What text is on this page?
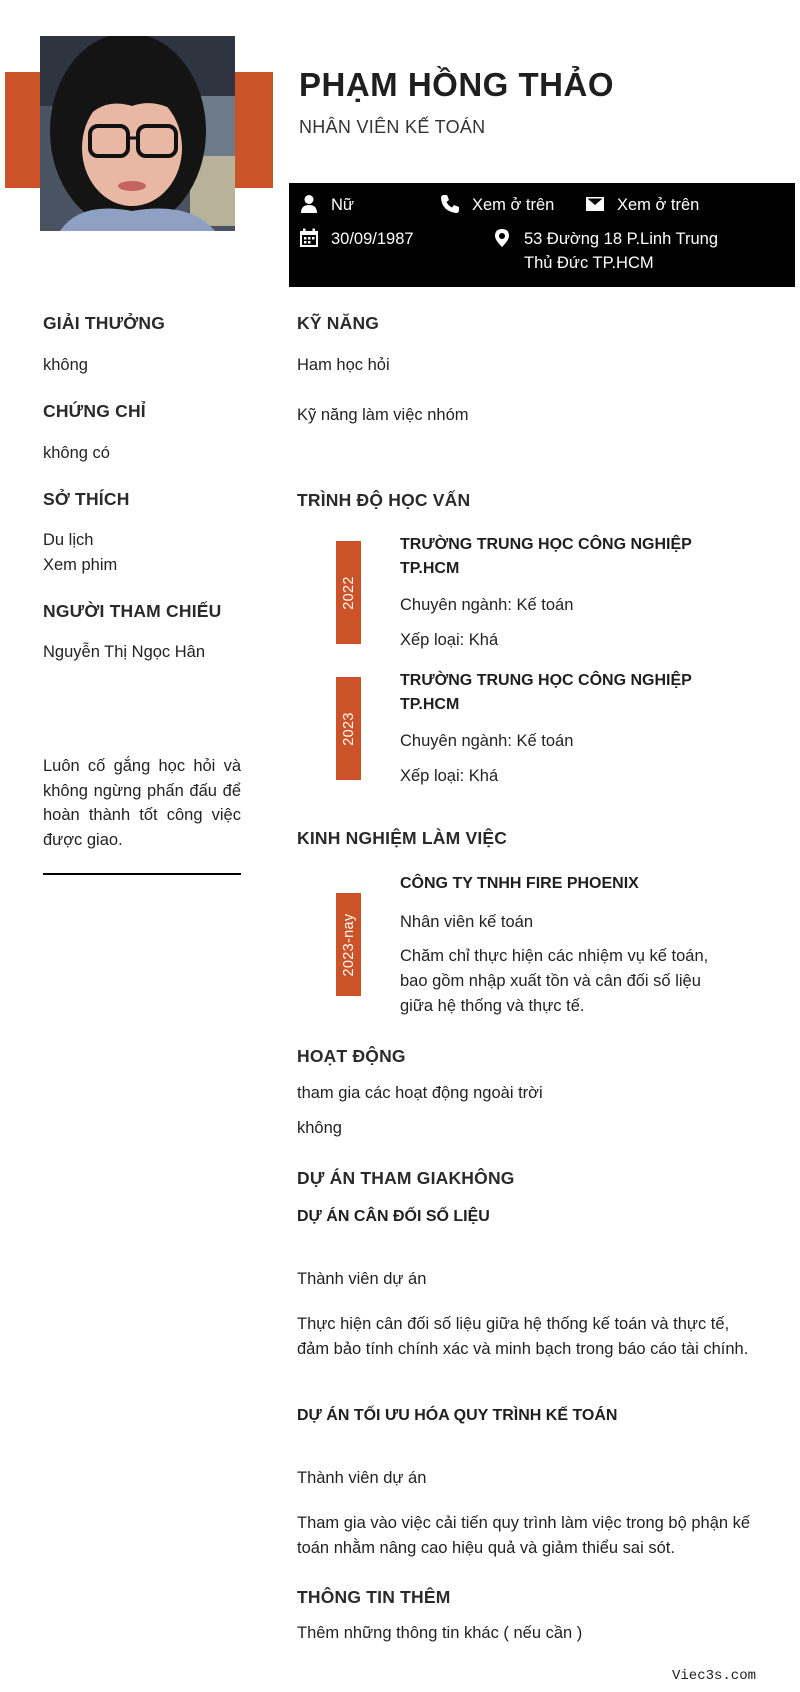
PHẠM HỒNG THẢO
NHÂN VIÊN KẾ TOÁN
Nữ	Xem ở trên	Xem ở trên
30/09/1987	53 Đường 18 P.Linh Trung
Thủ Đức TP.HCM
GIẢI THƯỞNG
không
CHỨNG CHỈ
không có
SỞ THÍCH
Du lịch
Xem phim
NGƯỜI THAM CHIẾU
Nguyễn Thị Ngọc Hân
Luôn cố gắng học hỏi và không ngừng phấn đấu để hoàn thành tốt công việc được giao.
KỸ NĂNG
Ham học hỏi
Kỹ năng làm việc nhóm
TRÌNH ĐỘ HỌC VẤN
2022
TRƯỜNG TRUNG HỌC CÔNG NGHIỆP TP.HCM
Chuyên ngành: Kế toán
Xếp loại: Khá
2023
TRƯỜNG TRUNG HỌC CÔNG NGHIỆP TP.HCM
Chuyên ngành: Kế toán
Xếp loại: Khá
KINH NGHIỆM LÀM VIỆC
2023-nay
CÔNG TY TNHH FIRE PHOENIX
Nhân viên kế toán
Chăm chỉ thực hiện các nhiệm vụ kế toán, bao gồm nhập xuất tồn và cân đối số liệu giữa hệ thống và thực tế.
HOẠT ĐỘNG
tham gia các hoạt động ngoài trời
không
DỰ ÁN THAM GIAKHÔNG
DỰ ÁN CÂN ĐỐI SỐ LIỆU
Thành viên dự án
Thực hiện cân đối số liệu giữa hệ thống kế toán và thực tế, đảm bảo tính chính xác và minh bạch trong báo cáo tài chính.
DỰ ÁN TỐI ƯU HÓA QUY TRÌNH KẾ TOÁN
Thành viên dự án
Tham gia vào việc cải tiến quy trình làm việc trong bộ phận kế toán nhằm nâng cao hiệu quả và giảm thiểu sai sót.
THÔNG TIN THÊM
Thêm những thông tin khác ( nếu cần )
Viec3s.com
